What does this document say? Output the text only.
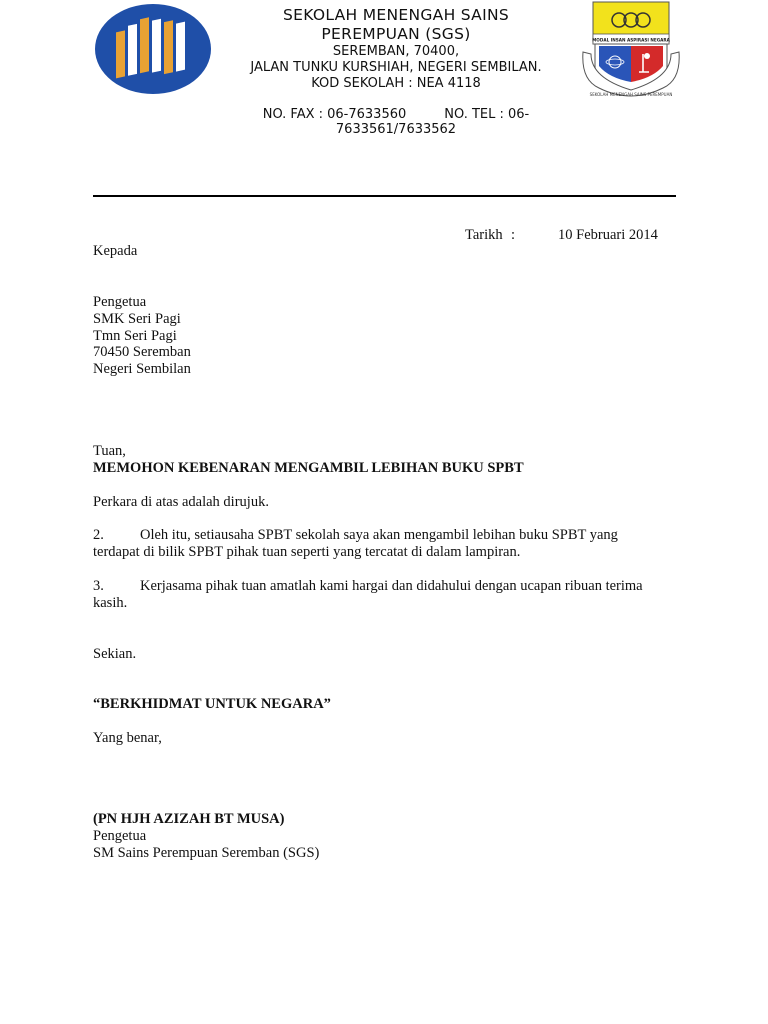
SEKOLAH MENENGAH SAINS
PEREMPUAN (SGS)
SEREMBAN, 70400,
JALAN TUNKU KURSHIAH, NEGERI SEMBILAN.
KOD SEKOLAH : NEA 4118
NO. FAX : 06-7633560	NO. TEL : 06-
7633561/7633562
MODAL INSAN ASPIRASI NEGARA
SEKOLAH MENENGAH SAINS PEREMPUAN
Tarikh :	10 Februari 2014
Kepada
Pengetua
SMK Seri Pagi
Tmn Seri Pagi
70450 Seremban
Negeri Sembilan
Tuan,
MEMOHON KEBENARAN MENGAMBIL LEBIHAN BUKU SPBT
Perkara di atas adalah dirujuk.
2. Oleh itu, setiausaha SPBT sekolah saya akan mengambil lebihan buku SPBT yang terdapat di bilik SPBT pihak tuan seperti yang tercatat di dalam lampiran.
3. Kerjasama pihak tuan amatlah kami hargai dan didahului dengan ucapan ribuan terima kasih.
Sekian.
“BERKHIDMAT UNTUK NEGARA”
Yang benar,
(PN HJH AZIZAH BT MUSA)
Pengetua
SM Sains Perempuan Seremban (SGS)
